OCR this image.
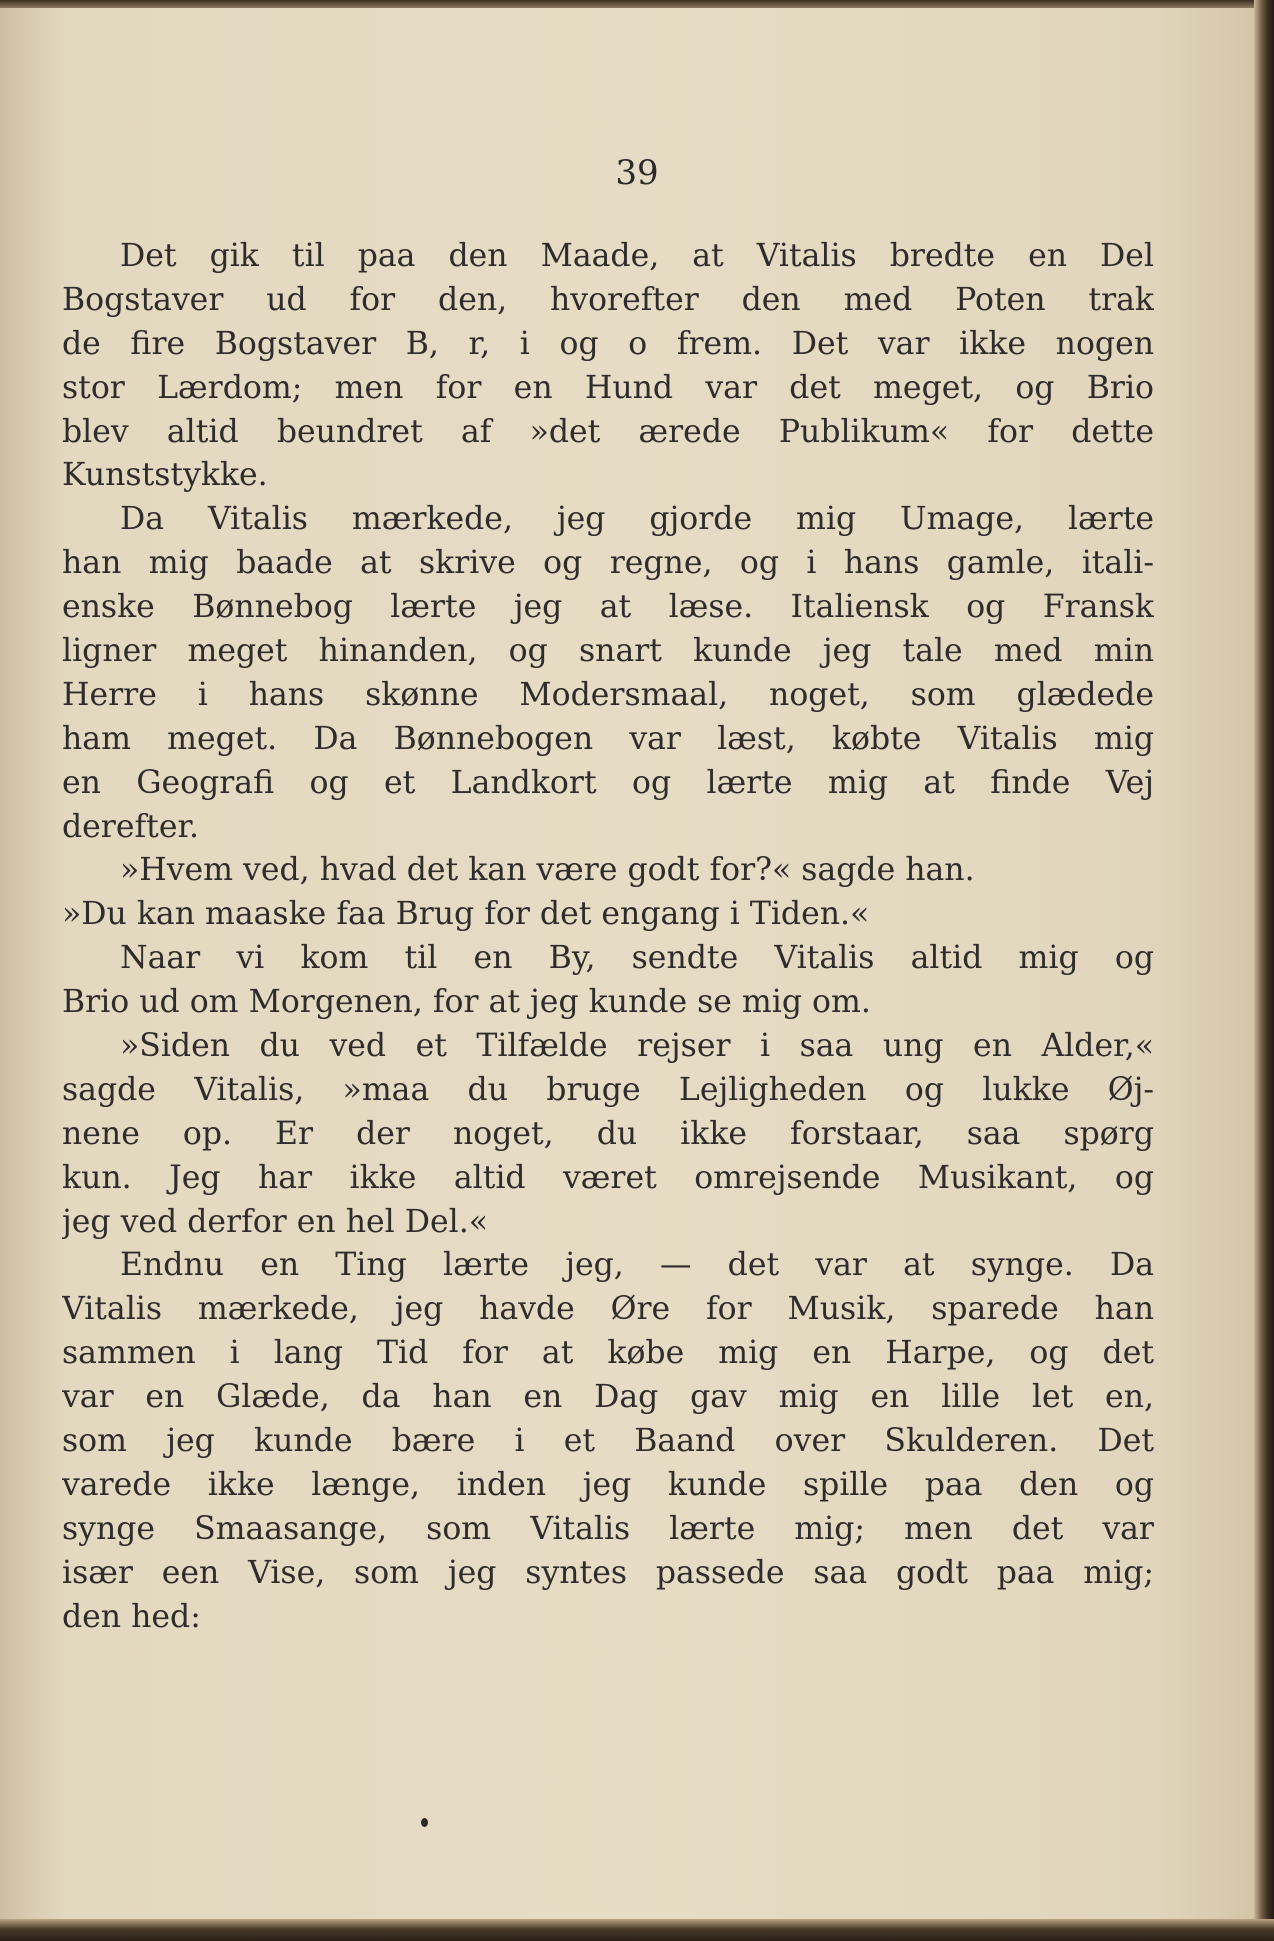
39
Det gik til paa den Maade, at Vitalis bredte en Del
Bogstaver ud for den, hvorefter den med Poten trak
de fire Bogstaver B, r, i og o frem. Det var ikke nogen
stor Lærdom; men for en Hund var det meget, og Brio
blev altid beundret af »det ærede Publikum« for dette
Kunststykke.
Da Vitalis mærkede, jeg gjorde mig Umage, lærte
han mig baade at skrive og regne, og i hans gamle, itali-
enske Bønnebog lærte jeg at læse. Italiensk og Fransk
ligner meget hinanden, og snart kunde jeg tale med min
Herre i hans skønne Modersmaal, noget, som glædede
ham meget. Da Bønnebogen var læst, købte Vitalis mig
en Geografi og et Landkort og lærte mig at finde Vej
derefter.
»Hvem ved, hvad det kan være godt for?« sagde han.
»Du kan maaske faa Brug for det engang i Tiden.«
Naar vi kom til en By, sendte Vitalis altid mig og
Brio ud om Morgenen, for at jeg kunde se mig om.
»Siden du ved et Tilfælde rejser i saa ung en Alder,«
sagde Vitalis, »maa du bruge Lejligheden og lukke Øj-
nene op. Er der noget, du ikke forstaar, saa spørg
kun. Jeg har ikke altid været omrejsende Musikant, og
jeg ved derfor en hel Del.«
Endnu en Ting lærte jeg, — det var at synge. Da
Vitalis mærkede, jeg havde Øre for Musik, sparede han
sammen i lang Tid for at købe mig en Harpe, og det
var en Glæde, da han en Dag gav mig en lille let en,
som jeg kunde bære i et Baand over Skulderen. Det
varede ikke længe, inden jeg kunde spille paa den og
synge Smaasange, som Vitalis lærte mig; men det var
især een Vise, som jeg syntes passede saa godt paa mig;
den hed:
